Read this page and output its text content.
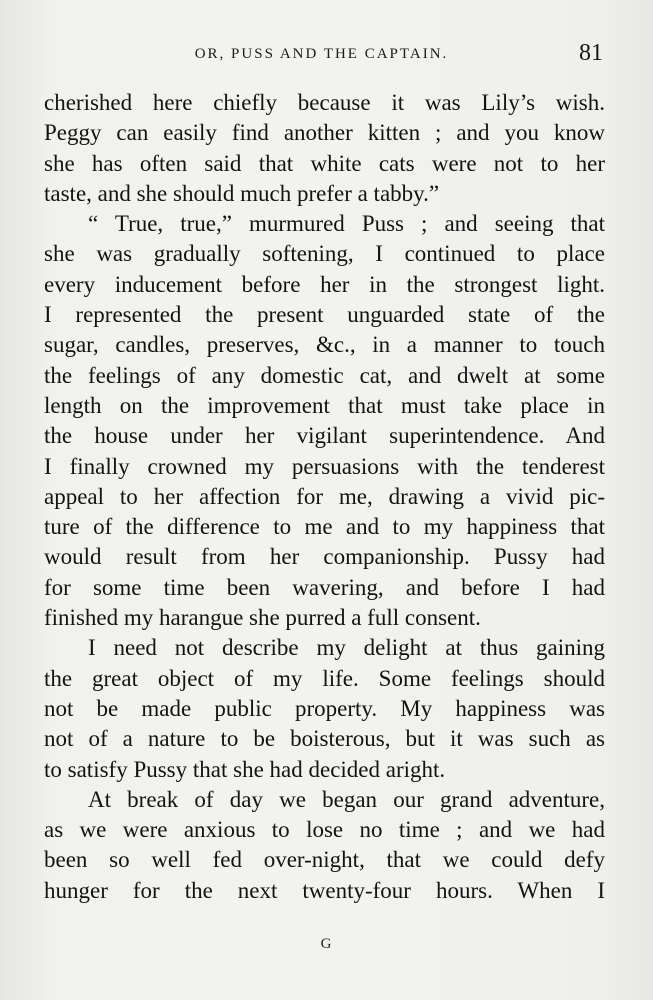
OR, PUSS AND THE CAPTAIN.	81
cherished here chiefly because it was Lily’s wish.
Peggy can easily find another kitten ; and you know
she has often said that white cats were not to her
taste, and she should much prefer a tabby.”
“ True, true,” murmured Puss ; and seeing that
she was gradually softening, I continued to place
every inducement before her in the strongest light.
I represented the present unguarded state of the
sugar, candles, preserves, &c., in a manner to touch
the feelings of any domestic cat, and dwelt at some
length on the improvement that must take place in
the house under her vigilant superintendence. And
I finally crowned my persuasions with the tenderest
appeal to her affection for me, drawing a vivid pic-
ture of the difference to me and to my happiness that
would result from her companionship. Pussy had
for some time been wavering, and before I had
finished my harangue she purred a full consent.
I need not describe my delight at thus gaining
the great object of my life. Some feelings should
not be made public property. My happiness was
not of a nature to be boisterous, but it was such as
to satisfy Pussy that she had decided aright.
At break of day we began our grand adventure,
as we were anxious to lose no time ; and we had
been so well fed over-night, that we could defy
hunger for the next twenty-four hours. When I
G
